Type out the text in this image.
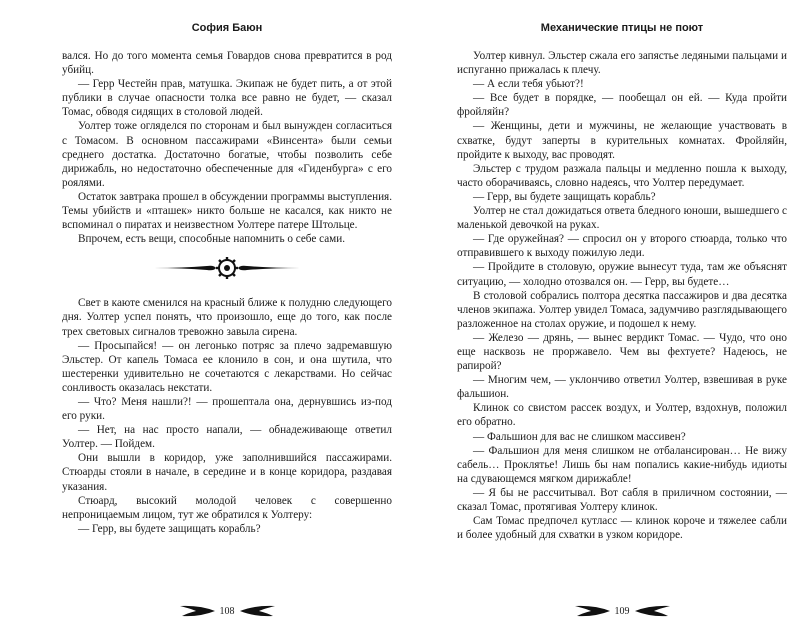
София Баюн

вался. Но до того момента семья Говардов снова превратится в род убийц.

— Герр Честейн прав, матушка. Экипаж не будет пить, а от этой публики в случае опасности толка все равно не будет, — сказал Томас, обводя сидящих в столовой людей.

Уолтер тоже огляделся по сторонам и был вынужден согласиться с Томасом. В основном пассажирами «Винсента» были семьи среднего достатка. Достаточно богатые, чтобы позволить себе дирижабль, но недостаточно обеспеченные для «Гиденбурга» с его роялями.

Остаток завтрака прошел в обсуждении программы выступления. Темы убийств и «пташек» никто больше не касался, как никто не вспоминал о пиратах и неизвестном Уолтере патере Штольце.

Впрочем, есть вещи, способные напомнить о себе сами.

Свет в каюте сменился на красный ближе к полудню следующего дня. Уолтер успел понять, что произошло, еще до того, как после трех световых сигналов тревожно завыла сирена.

— Просыпайся! — он легонько потряс за плечо задремавшую Эльстер. От капель Томаса ее клонило в сон, и она шутила, что шестеренки удивительно не сочетаются с лекарствами. Но сейчас сонливость оказалась некстати.

— Что? Меня нашли?! — прошептала она, дернувшись из-под его руки.

— Нет, на нас просто напали, — обнадеживающе ответил Уолтер. — Пойдем.

Они вышли в коридор, уже заполнившийся пассажирами. Стюарды стояли в начале, в середине и в конце коридора, раздавая указания.

Стюард, высокий молодой человек с совершенно непроницаемым лицом, тут же обратился к Уолтеру:

— Герр, вы будете защищать корабль?

108
Механические птицы не поют

Уолтер кивнул. Эльстер сжала его запястье ледяными пальцами и испуганно прижалась к плечу.

— А если тебя убьют?!

— Все будет в порядке, — пообещал он ей. — Куда пройти фройляйн?

— Женщины, дети и мужчины, не желающие участвовать в схватке, будут заперты в курительных комнатах. Фройляйн, пройдите к выходу, вас проводят.

Эльстер с трудом разжала пальцы и медленно пошла к выходу, часто оборачиваясь, словно надеясь, что Уолтер передумает.

— Герр, вы будете защищать корабль?

Уолтер не стал дожидаться ответа бледного юноши, вышедшего с маленькой девочкой на руках.

— Где оружейная? — спросил он у второго стюарда, только что отправившего к выходу пожилую леди.

— Пройдите в столовую, оружие вынесут туда, там же объяснят ситуацию, — холодно отозвался он. — Герр, вы будете…

В столовой собрались полтора десятка пассажиров и два десятка членов экипажа. Уолтер увидел Томаса, задумчиво разглядывающего разложенное на столах оружие, и подошел к нему.

— Железо — дрянь, — вынес вердикт Томас. — Чудо, что оно еще насквозь не проржавело. Чем вы фехтуете? Надеюсь, не рапирой?

— Многим чем, — уклончиво ответил Уолтер, взвешивая в руке фальшион.

Клинок со свистом рассек воздух, и Уолтер, вздохнув, положил его обратно.

— Фальшион для вас не слишком массивен?

— Фальшион для меня слишком не отбалансирован… Не вижу сабель… Проклятье! Лишь бы нам попались какие-нибудь идиоты на сдувающемся мягком дирижабле!

— Я бы не рассчитывал. Вот сабля в приличном состоянии, — сказал Томас, протягивая Уолтеру клинок.

Сам Томас предпочел кутласс — клинок короче и тяжелее сабли и более удобный для схватки в узком коридоре.

109
